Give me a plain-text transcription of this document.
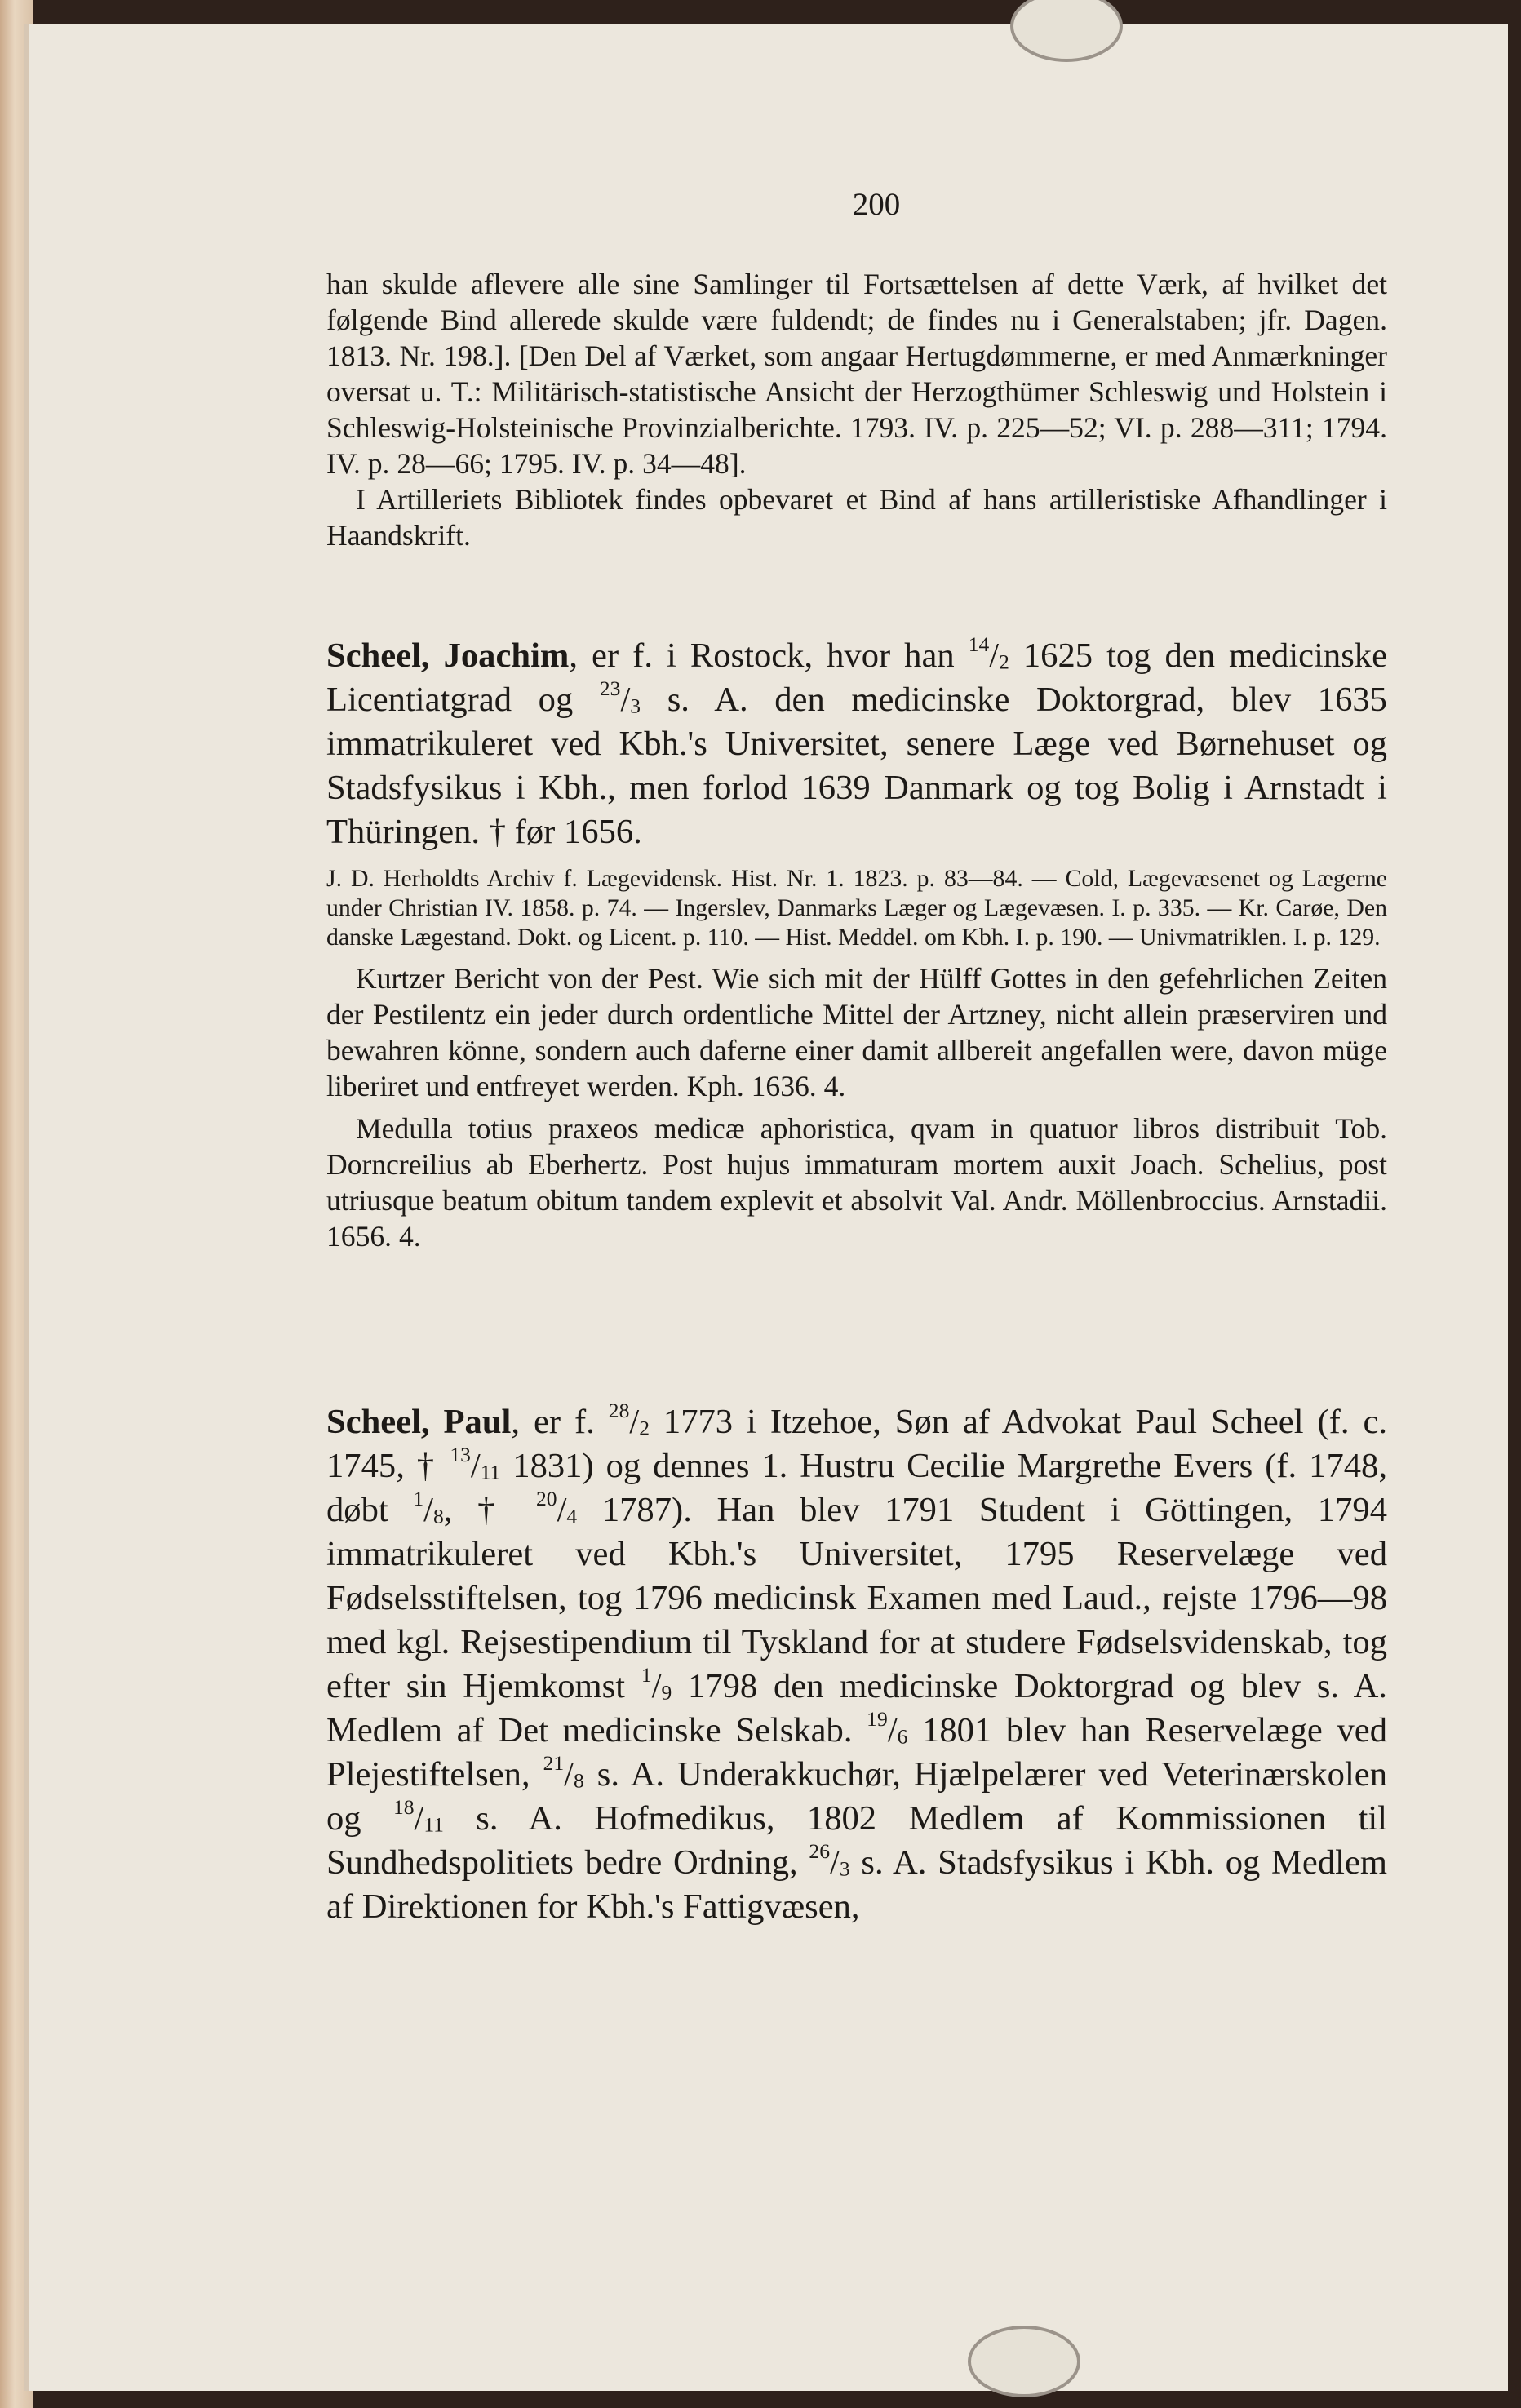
200

han skulde aflevere alle sine Samlinger til Fortsættelsen af dette Værk, af hvilket det følgende Bind allerede skulde være fuldendt; de findes nu i Generalstaben; jfr. Dagen. 1813. Nr. 198.]. [Den Del af Værket, som angaar Hertugdømmerne, er med Anmærkninger oversat u. T.: Militärisch-statistische Ansicht der Herzogthümer Schleswig und Holstein i Schleswig-Holsteinische Provinzialberichte. 1793. IV. p. 225—52; VI. p. 288—311; 1794. IV. p. 28—66; 1795. IV. p. 34—48].

I Artilleriets Bibliotek findes opbevaret et Bind af hans artilleristiske Afhandlinger i Haandskrift.

Scheel, Joachim, er f. i Rostock, hvor han $^{14}/_2$ 1625 tog den medicinske Licentiatgrad og $^{23}/_3$ s. A. den medicinske Doktorgrad, blev 1635 immatrikuleret ved Kbh.'s Universitet, senere Læge ved Børnehuset og Stadsfysikus i Kbh., men forlod 1639 Danmark og tog Bolig i Arnstadt i Thüringen. † før 1656.

J. D. Herholdts Archiv f. Lægevidensk. Hist. Nr. 1. 1823. p. 83—84. — Cold, Lægevæsenet og Lægerne under Christian IV. 1858. p. 74. — Ingerslev, Danmarks Læger og Lægevæsen. I. p. 335. — Kr. Carøe, Den danske Lægestand. Dokt. og Licent. p. 110. — Hist. Meddel. om Kbh. I. p. 190. — Univmatriklen. I. p. 129.

Kurtzer Bericht von der Pest. Wie sich mit der Hülff Gottes in den gefehrlichen Zeiten der Pestilentz ein jeder durch ordentliche Mittel der Artzney, nicht allein præserviren und bewahren könne, sondern auch daferne einer damit allbereit angefallen were, davon müge liberiret und entfreyet werden. Kph. 1636. 4.

Medulla totius praxeos medicæ aphoristica, qvam in quatuor libros distribuit Tob. Dorncreilius ab Eberhertz. Post hujus immaturam mortem auxit Joach. Schelius, post utriusque beatum obitum tandem explevit et absolvit Val. Andr. Möllenbroccius. Arnstadii. 1656. 4.

Scheel, Paul, er f. $^{28}/_2$ 1773 i Itzehoe, Søn af Advokat Paul Scheel (f. c. 1745, † $^{13}/_{11}$ 1831) og dennes 1. Hustru Cecilie Margrethe Evers (f. 1748, døbt $^1/_8$, † $^{20}/_4$ 1787). Han blev 1791 Student i Göttingen, 1794 immatrikuleret ved Kbh.'s Universitet, 1795 Reservelæge ved Fødselsstiftelsen, tog 1796 medicinsk Examen med Laud., rejste 1796—98 med kgl. Rejsestipendium til Tyskland for at studere Fødselsvidenskab, tog efter sin Hjemkomst $^1/_9$ 1798 den medicinske Doktorgrad og blev s. A. Medlem af Det medicinske Selskab. $^{19}/_6$ 1801 blev han Reservelæge ved Plejestiftelsen, $^{21}/_8$ s. A. Underakkuchør, Hjælpelærer ved Veterinærskolen og $^{18}/_{11}$ s. A. Hofmedikus, 1802 Medlem af Kommissionen til Sundhedspolitiets bedre Ordning, $^{26}/_3$ s. A. Stadsfysikus i Kbh. og Medlem af Direktionen for Kbh.'s Fattigvæsen,
